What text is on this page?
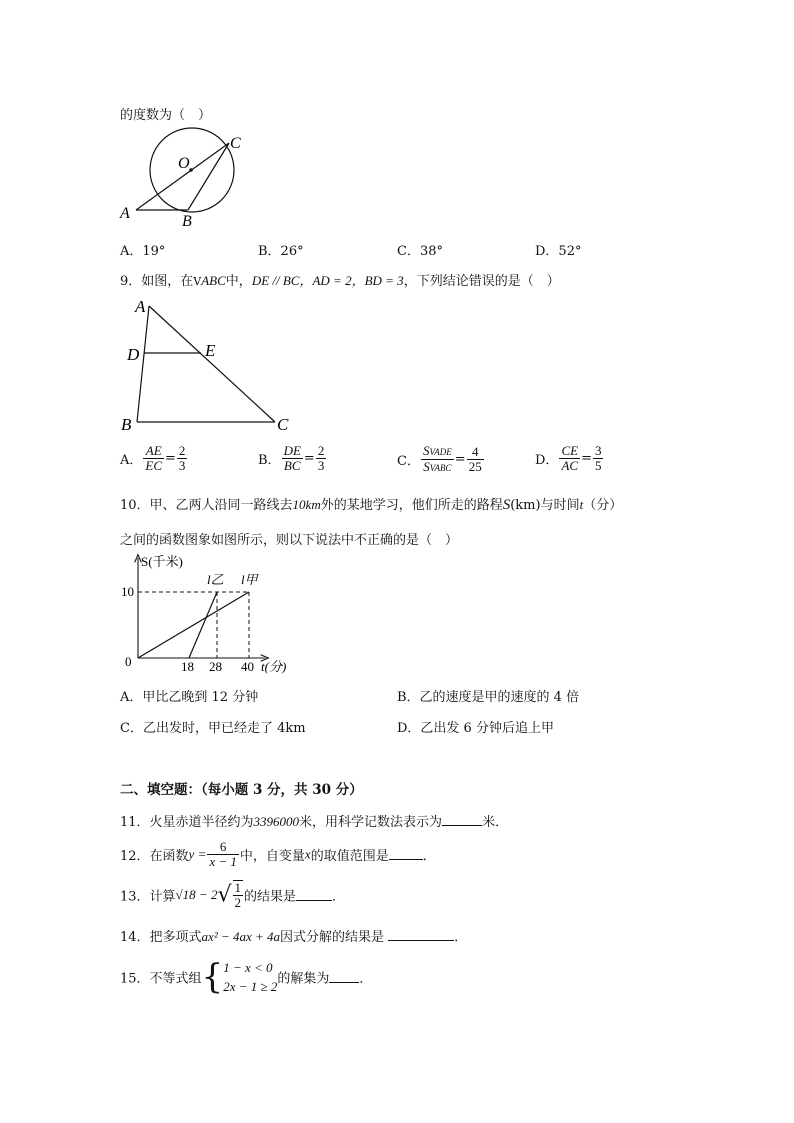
的度数为（　）
O
C
A	B
A．19°	B．26°	C．38°	D．52°
9．如图，在VABC中，DE // BC，AD = 2，BD = 3，下列结论错误的是（　）
A
D	E
B	C
A． $\frac{AE}{EC} = \frac{2}{3}$	B． $\frac{DE}{BC} = \frac{2}{3}$	C． $\frac{\text{SVADE}}{\text{SVABC}} = \frac{4}{25}$	D． $\frac{CE}{AC} = \frac{3}{5}$
10．甲、乙两人沿同一路线去10km外的某地学习，他们所走的路程S(km)与时间t（分）
之间的函数图象如图所示，则以下说法中不正确的是（　）
S(千米)
10
0	18 28 40 t(分)
l乙 l甲
A．甲比乙晚到 12 分钟	B．乙的速度是甲的速度的 4 倍
C．乙出发时，甲已经走了 4km	D．乙出发 6 分钟后追上甲
二、填空题：（每小题 3 分，共 30 分）
11．火星赤道半径约为3396000米，用科学记数法表示为	米．
12．在函数$y = \frac{6}{x - 1}$ 中，自变量x的取值范围是	．
13．计算$√18 - 2√ \frac{1}{2}$ 的结果是	．
14．把多项式ax² − 4ax + 4a因式分解的结果是	．
15．不等式组{ 1 − x < 0
2x − 1 ≥ 2 的解集为 ．
